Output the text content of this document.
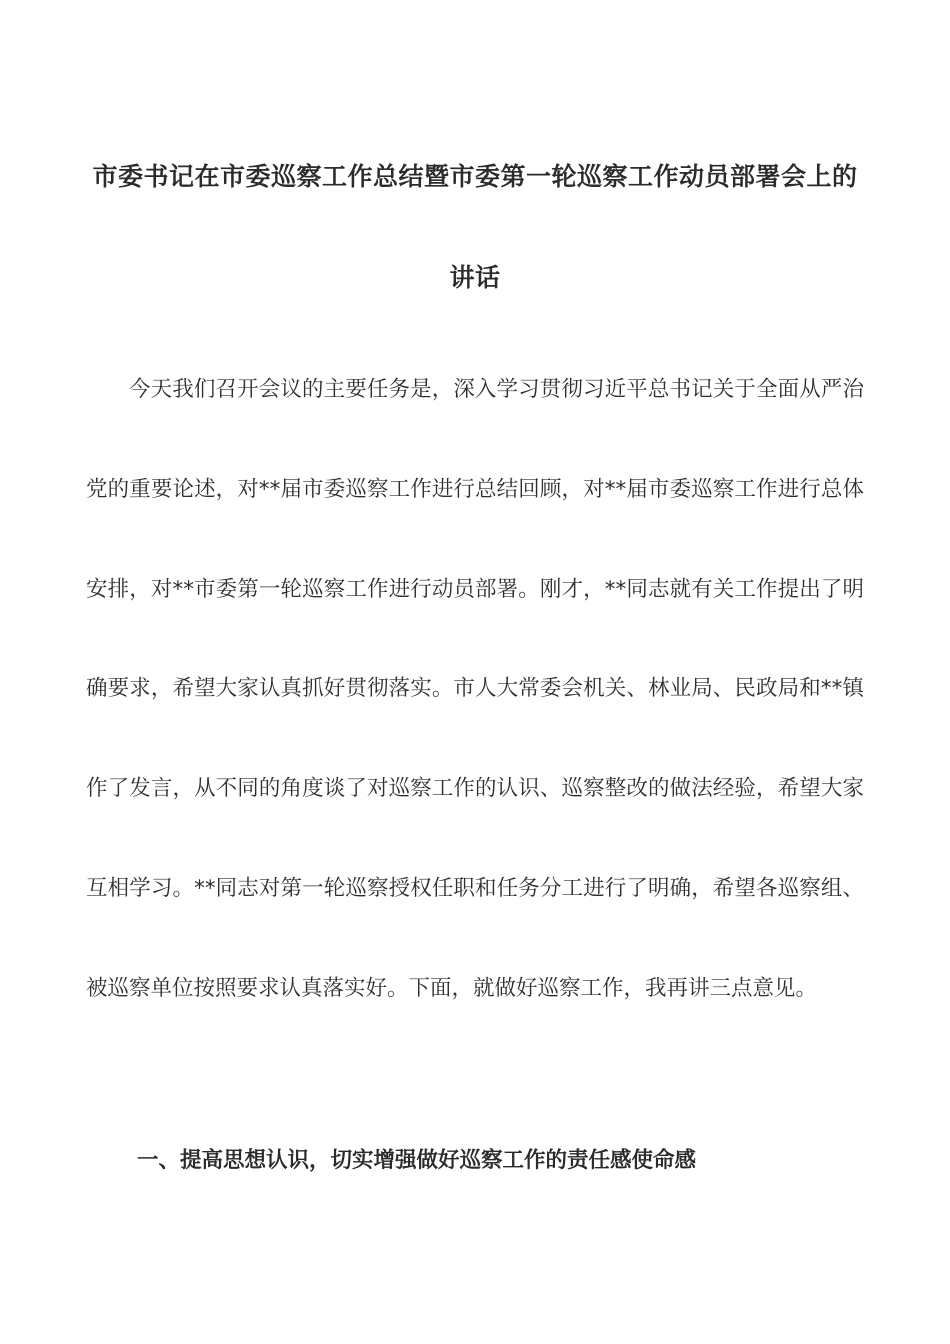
市委书记在市委巡察工作总结暨市委第一轮巡察工作动员部署会上的
讲话

今天我们召开会议的主要任务是，深入学习贯彻习近平总书记关于全面从严治党的重要论述，对**届市委巡察工作进行总结回顾，对**届市委巡察工作进行总体安排，对**市委第一轮巡察工作进行动员部署。刚才，**同志就有关工作提出了明确要求，希望大家认真抓好贯彻落实。市人大常委会机关、林业局、民政局和**镇作了发言，从不同的角度谈了对巡察工作的认识、巡察整改的做法经验，希望大家互相学习。**同志对第一轮巡察授权任职和任务分工进行了明确，希望各巡察组、被巡察单位按照要求认真落实好。下面，就做好巡察工作，我再讲三点意见。

一、提高思想认识，切实增强做好巡察工作的责任感使命感
